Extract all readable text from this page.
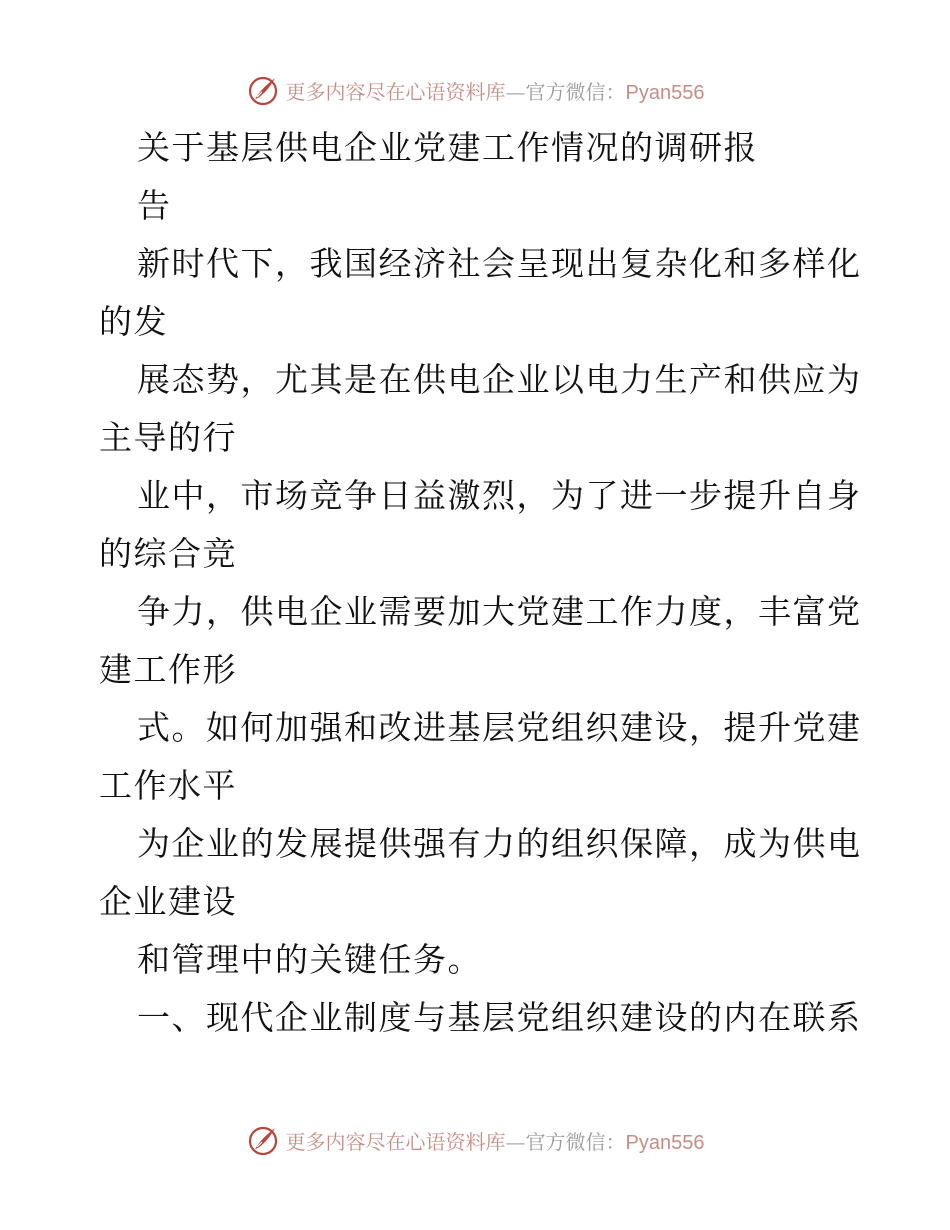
更多内容尽在心语资料库—官方微信：Pyan556
关于基层供电企业党建工作情况的调研报
告
新时代下，我国经济社会呈现出复杂化和多样化
的发
展态势，尤其是在供电企业以电力生产和供应为
主导的行
业中，市场竞争日益激烈，为了进一步提升自身
的综合竞
争力，供电企业需要加大党建工作力度，丰富党
建工作形
式。如何加强和改进基层党组织建设，提升党建
工作水平
为企业的发展提供强有力的组织保障，成为供电
企业建设
和管理中的关键任务。
一、现代企业制度与基层党组织建设的内在联系
更多内容尽在心语资料库—官方微信：Pyan556
